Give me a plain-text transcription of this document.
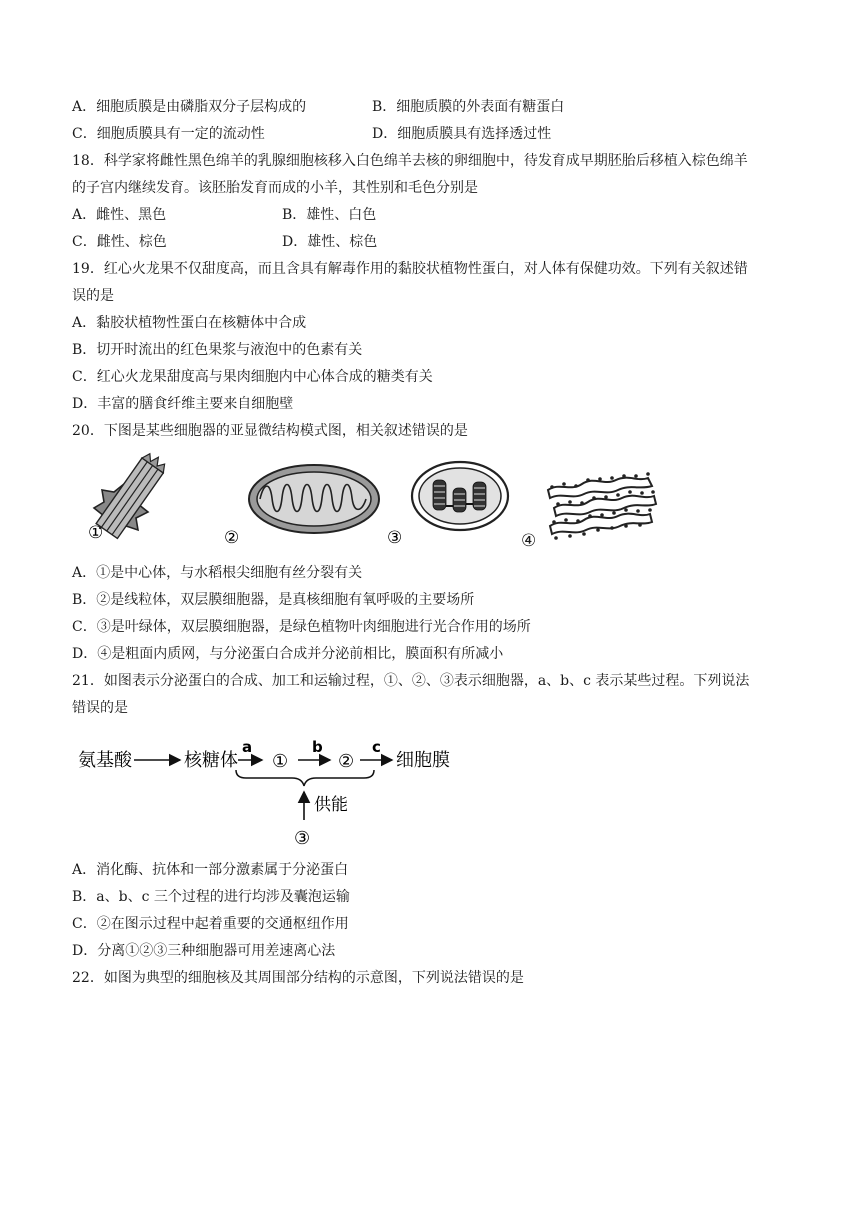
A．细胞质膜是由磷脂双分子层构成的	B．细胞质膜的外表面有糖蛋白
C．细胞质膜具有一定的流动性	D．细胞质膜具有选择透过性
18．科学家将雌性黑色绵羊的乳腺细胞核移入白色绵羊去核的卵细胞中，待发育成早期胚胎后移植入棕色绵羊
的子宫内继续发育。该胚胎发育而成的小羊，其性别和毛色分别是
A．雌性、黑色	B．雄性、白色
C．雌性、棕色	D．雄性、棕色
19．红心火龙果不仅甜度高，而且含具有解毒作用的黏胶状植物性蛋白，对人体有保健功效。下列有关叙述错
误的是
A．黏胶状植物性蛋白在核糖体中合成
B．切开时流出的红色果浆与液泡中的色素有关
C．红心火龙果甜度高与果肉细胞内中心体合成的糖类有关
D．丰富的膳食纤维主要来自细胞壁
20．下图是某些细胞器的亚显微结构模式图，相关叙述错误的是
①	②	③	④
A．①是中心体，与水稻根尖细胞有丝分裂有关
B．②是线粒体，双层膜细胞器，是真核细胞有氧呼吸的主要场所
C．③是叶绿体，双层膜细胞器，是绿色植物叶肉细胞进行光合作用的场所
D．④是粗面内质网，与分泌蛋白合成并分泌前相比，膜面积有所减小
21．如图表示分泌蛋白的合成、加工和运输过程，①、②、③表示细胞器，a、b、c 表示某些过程。下列说法
错误的是
氨基酸	核糖体
a
①
b
②
c
细胞膜
供能
③
A．消化酶、抗体和一部分激素属于分泌蛋白
B．a、b、c 三个过程的进行均涉及囊泡运输
C．②在图示过程中起着重要的交通枢纽作用
D．分离①②③三种细胞器可用差速离心法
22．如图为典型的细胞核及其周围部分结构的示意图，下列说法错误的是
